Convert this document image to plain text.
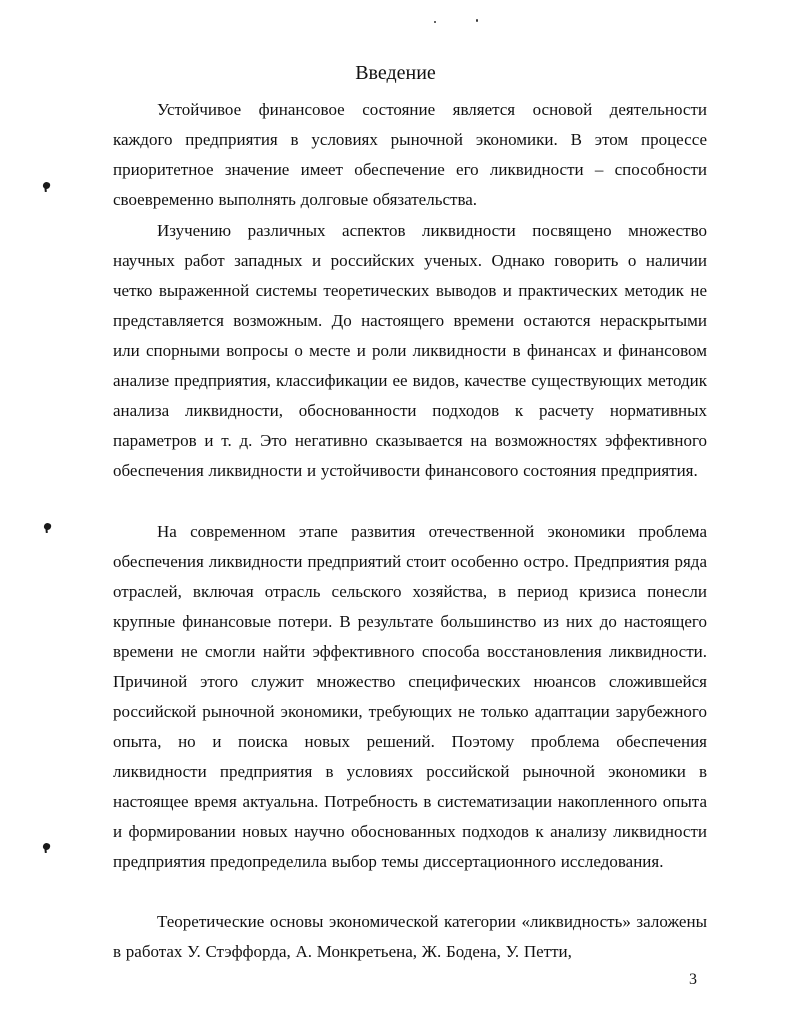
Введение

Устойчивое финансовое состояние является основой деятельности каждого предприятия в условиях рыночной экономики. В этом процессе приоритетное значение имеет обеспечение его ликвидности – способности своевременно выполнять долговые обязательства.

Изучению различных аспектов ликвидности посвящено множество научных работ западных и российских ученых. Однако говорить о наличии четко выраженной системы теоретических выводов и практических методик не представляется возможным. До настоящего времени остаются нераскрытыми или спорными вопросы о месте и роли ликвидности в финансах и финансовом анализе предприятия, классификации ее видов, качестве существующих методик анализа ликвидности, обоснованности подходов к расчету нормативных параметров и т. д. Это негативно сказывается на возможностях эффективного обеспечения ликвидности и устойчивости финансового состояния предприятия.

На современном этапе развития отечественной экономики проблема обеспечения ликвидности предприятий стоит особенно остро. Предприятия ряда отраслей, включая отрасль сельского хозяйства, в период кризиса понесли крупные финансовые потери. В результате большинство из них до настоящего времени не смогли найти эффективного способа восстановления ликвидности. Причиной этого служит множество специфических нюансов сложившейся российской рыночной экономики, требующих не только адаптации зарубежного опыта, но и поиска новых решений. Поэтому проблема обеспечения ликвидности предприятия в условиях российской рыночной экономики в настоящее время актуальна. Потребность в систематизации накопленного опыта и формировании новых научно обоснованных подходов к анализу ликвидности предприятия предопределила выбор темы диссертационного исследования.

Теоретические основы экономической категории «ликвидность» заложены в работах У. Стэффорда, А. Монкретьена, Ж. Бодена, У. Петти,

3
